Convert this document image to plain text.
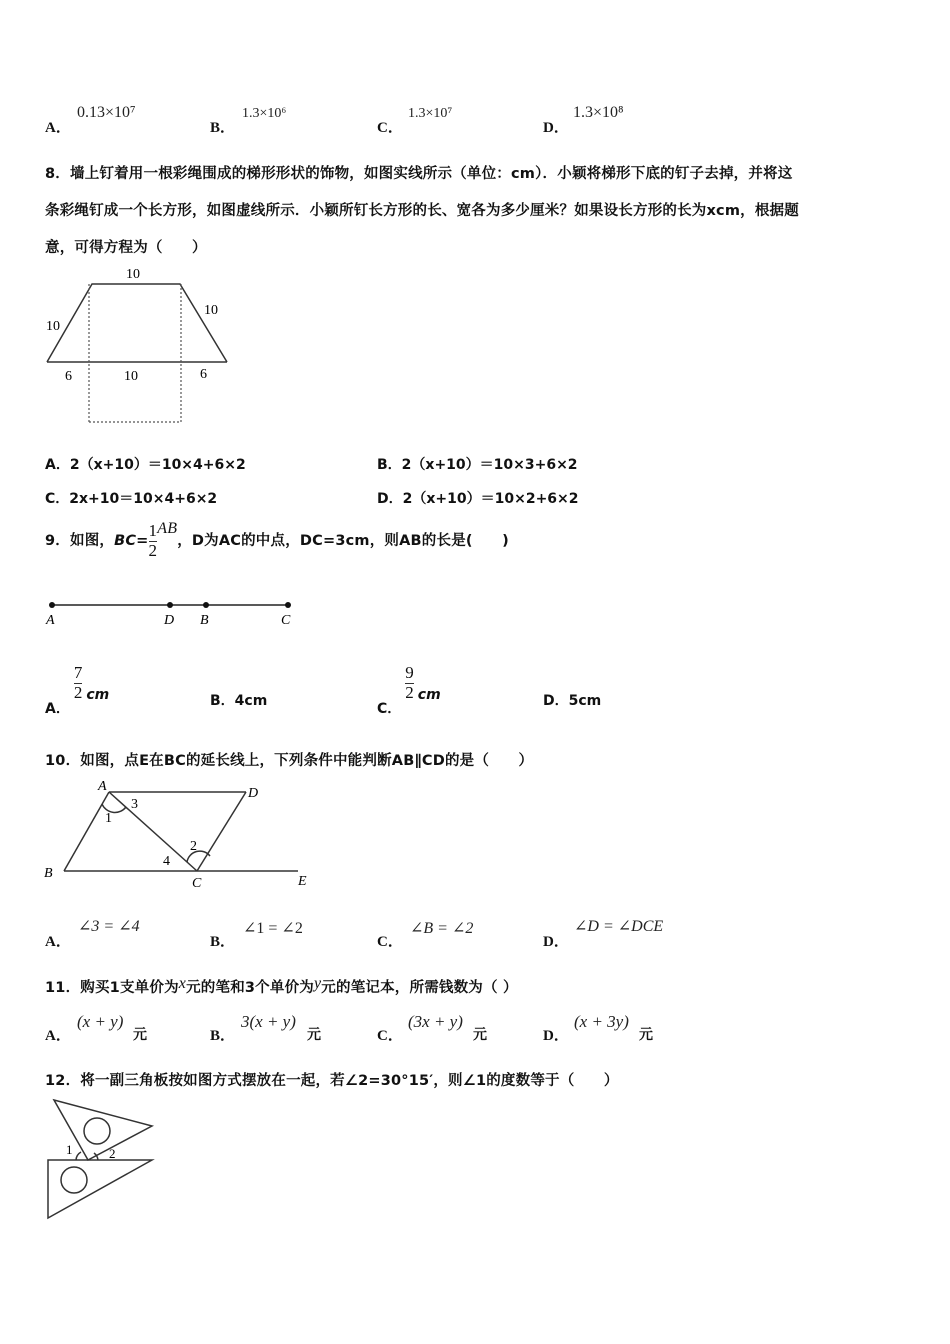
A．
0.13×10⁷
B．
1.3×10⁶
C．
1.3×10⁷
D．
1.3×10⁸
8．墙上钉着用一根彩绳围成的梯形形状的饰物，如图实线所示（单位：cm）．小颖将梯形下底的钉子去掉，并将这
条彩绳钉成一个长方形，如图虚线所示．小颖所钉长方形的长、宽各为多少厘米？如果设长方形的长为xcm，根据题
意，可得方程为（　　）
10
10
10
6	10	6
A．2（x+10）＝10×4+6×2	B．2（x+10）＝10×3+6×2
C．2x+10＝10×4+6×2	D．2（x+10）＝10×2+6×2
9．如图，$BC= \frac{1}{2}$ AB，D为AC的中点，DC=3cm，则AB的长是(　　)
A	D B	C
A．
$\frac{7}{2}$ cm	B．4cm
C．
$\frac{9}{2}$ cm	D．5cm
10．如图，点E在BC的延长线上，下列条件中能判断AB∥CD的是（　　）
A	D
B
C	E
1
2
3
4
A．
∠3 = ∠4
B．
∠1 = ∠2
C．
∠B = ∠2
D．
∠D = ∠DCE
11．购买1支单价为x元的笔和3个单价为y元的笔记本，所需钱数为（ ）
A．
(x + y)
元	B．
3(x + y)
元	C．
(3x + y)
元	D．
(x + 3y)
元
12．将一副三角板按如图方式摆放在一起，若∠2=30°15′，则∠1的度数等于（　　）
1	2
